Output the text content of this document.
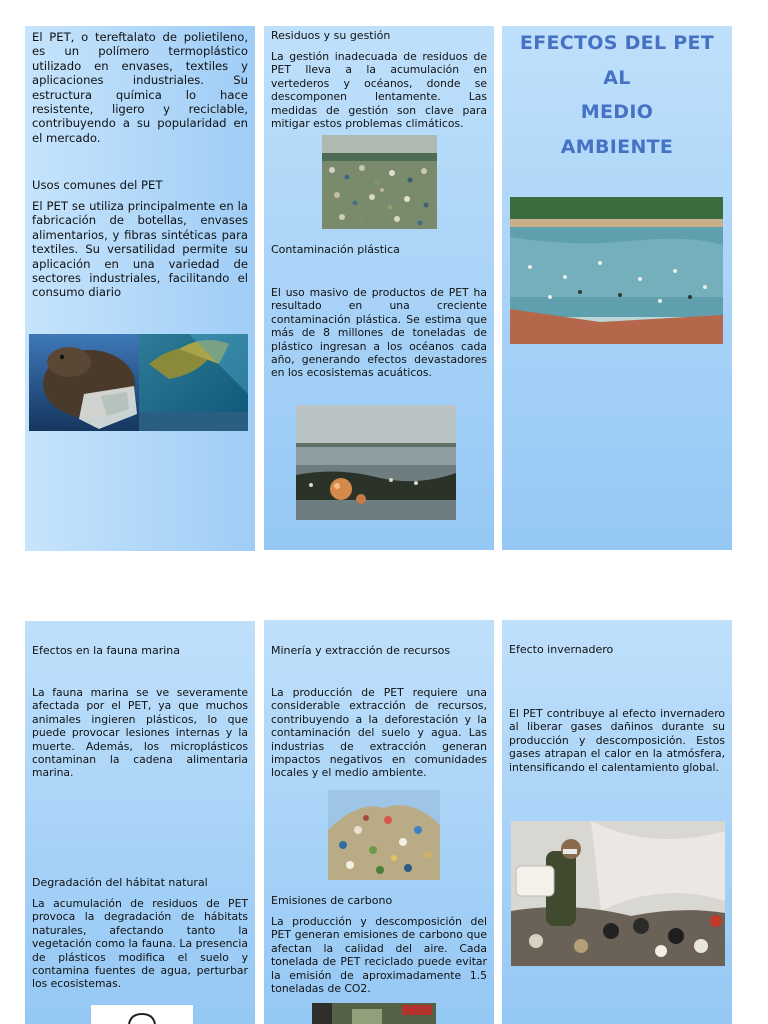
El PET, o tereftalato de polietileno, es un polímero termoplástico utilizado en envases, textiles y aplicaciones industriales. Su estructura química lo hace resistente, ligero y reciclable, contribuyendo a su popularidad en el mercado.
Usos comunes del PET
El PET se utiliza principalmente en la fabricación de botellas, envases alimentarios, y fibras sintéticas para textiles. Su versatilidad permite su aplicación en una variedad de sectores industriales, facilitando el consumo diario
Residuos y su gestión
La gestión inadecuada de residuos de PET lleva a la acumulación en vertederos y océanos, donde se descomponen lentamente. Las medidas de gestión son clave para mitigar estos problemas climáticos.
Contaminación plástica
El uso masivo de productos de PET ha resultado en una creciente contaminación plástica. Se estima que más de 8 millones de toneladas de plástico ingresan a los océanos cada año, generando efectos devastadores en los ecosistemas acuáticos.
EFECTOS DEL PET
AL
MEDIO
AMBIENTE
Efectos en la fauna marina
La fauna marina se ve severamente afectada por el PET, ya que muchos animales ingieren plásticos, lo que puede provocar lesiones internas y la muerte. Además, los microplásticos contaminan la cadena alimentaria marina.
Degradación del hábitat natural
La acumulación de residuos de PET provoca la degradación de hábitats naturales, afectando tanto la vegetación como la fauna. La presencia de plásticos modifica el suelo y contamina fuentes de agua, perturbar los ecosistemas.
Minería y extracción de recursos
La producción de PET requiere una considerable extracción de recursos, contribuyendo a la deforestación y la contaminación del suelo y agua. Las industrias de extracción generan impactos negativos en comunidades locales y el medio ambiente.
Emisiones de carbono
La producción y descomposición del PET generan emisiones de carbono que afectan la calidad del aire. Cada tonelada de PET reciclado puede evitar la emisión de aproximadamente 1.5 toneladas de CO2.
Efecto invernadero
El PET contribuye al efecto invernadero al liberar gases dañinos durante su producción y descomposición. Estos gases atrapan el calor en la atmósfera, intensificando el calentamiento global.
